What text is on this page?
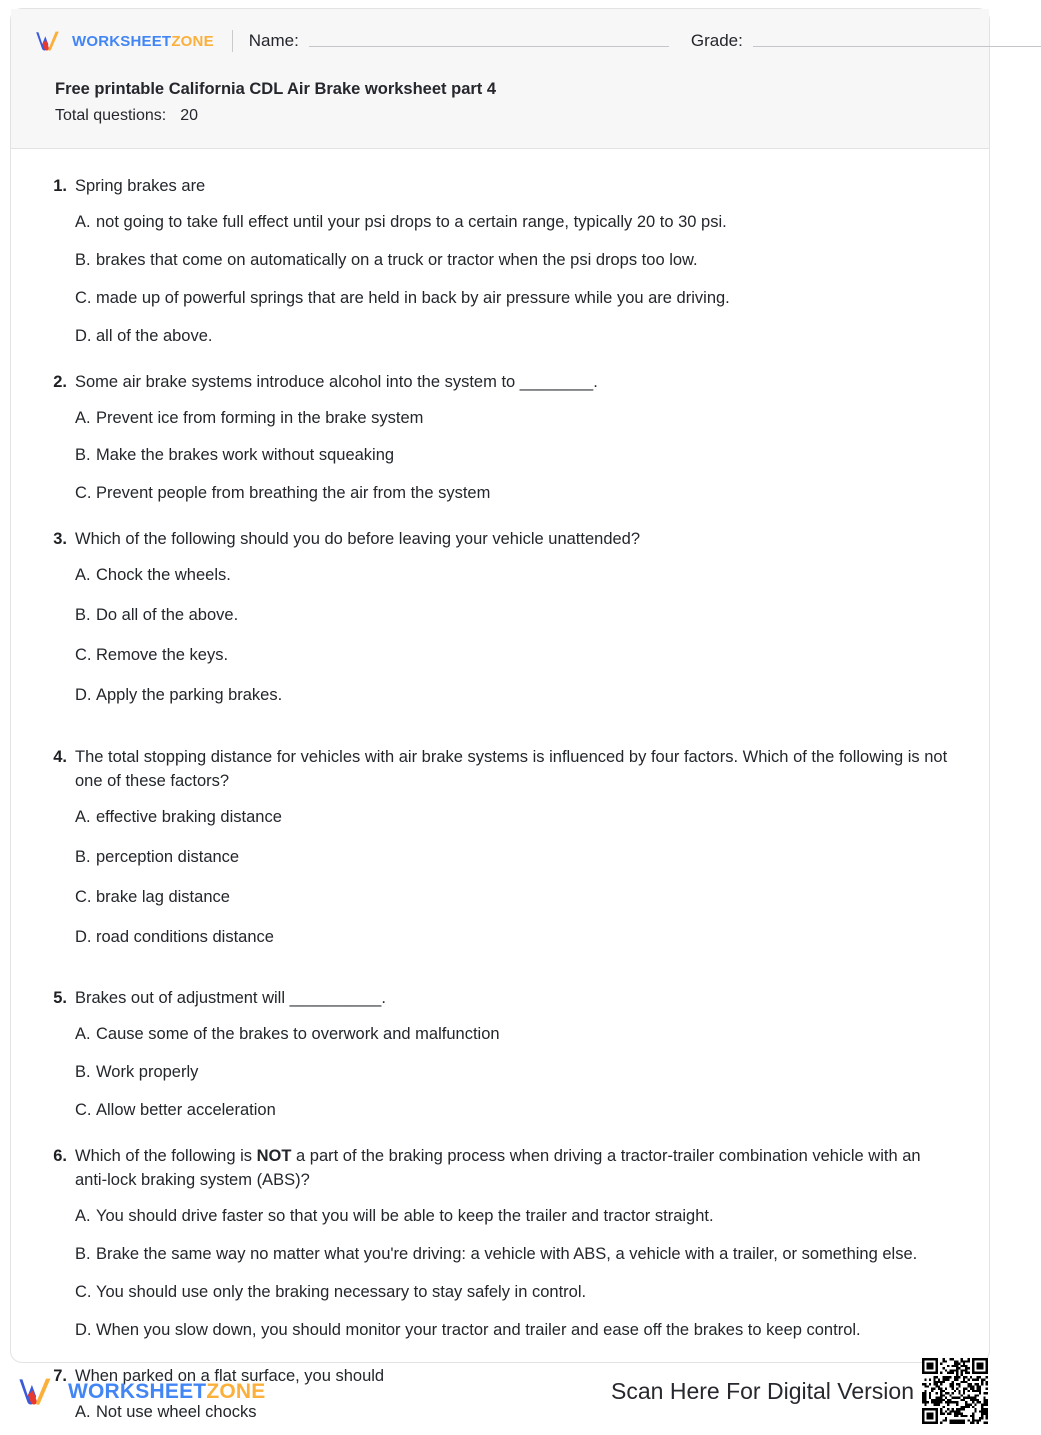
WORKSHEETZONE Name:	Grade:

Free printable California CDL Air Brake worksheet part 4

Total questions: 20

1. Spring brakes are
A. not going to take full effect until your psi drops to a certain range, typically 20 to 30 psi.
B. brakes that come on automatically on a truck or tractor when the psi drops too low.
C. made up of powerful springs that are held in back by air pressure while you are driving.
D. all of the above.
2. Some air brake systems introduce alcohol into the system to ________.
A. Prevent ice from forming in the brake system
B. Make the brakes work without squeaking
C. Prevent people from breathing the air from the system
3. Which of the following should you do before leaving your vehicle unattended?
A. Chock the wheels.
B. Do all of the above.
C. Remove the keys.
D. Apply the parking brakes.
4. The total stopping distance for vehicles with air brake systems is influenced by four factors. Which of the following is not one of these factors?
A. effective braking distance
B. perception distance
C. brake lag distance
D. road conditions distance
5. Brakes out of adjustment will __________.
A. Cause some of the brakes to overwork and malfunction
B. Work properly
C. Allow better acceleration
6. Which of the following is NOT a part of the braking process when driving a tractor-trailer combination vehicle with an anti-lock braking system (ABS)?
A. You should drive faster so that you will be able to keep the trailer and tractor straight.
B. Brake the same way no matter what you're driving: a vehicle with ABS, a vehicle with a trailer, or something else.
C. You should use only the braking necessary to stay safely in control.
D. When you slow down, you should monitor your tractor and trailer and ease off the brakes to keep control.
7. When parked on a flat surface, you should
A. Not use wheel chocks
WORKSHEETZONE	Scan Here For Digital Version
